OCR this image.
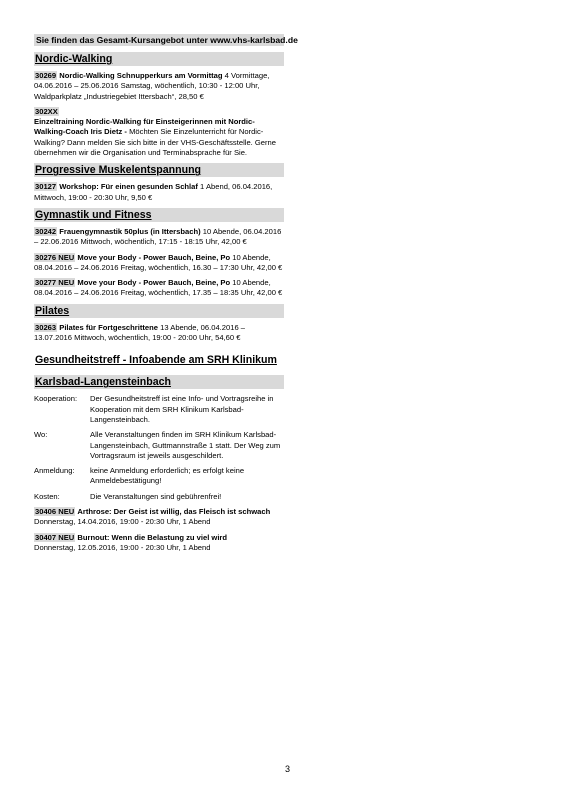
Sie finden das Gesamt-Kursangebot unter www.vhs-karlsbad.de
Nordic-Walking
30269 Nordic-Walking Schnupperkurs am Vormittag 4 Vormittage, 04.06.2016 – 25.06.2016 Samstag, wöchentlich, 10:30 - 12:00 Uhr, Waldparkplatz „Industriegebiet Ittersbach“, 28,50 €
302XX
Einzeltraining Nordic-Walking für Einsteigerinnen mit Nordic-Walking-Coach Iris Dietz - Möchten Sie Einzelunterricht für Nordic-Walking? Dann melden Sie sich bitte in der VHS-Geschäftsstelle. Gerne übernehmen wir die Organisation und Terminabsprache für Sie.
Progressive Muskelentspannung
30127 Workshop: Für einen gesunden Schlaf 1 Abend, 06.04.2016, Mittwoch, 19:00 - 20:30 Uhr, 9,50 €
Gymnastik und Fitness
30242 Frauengymnastik 50plus (in Ittersbach) 10 Abende, 06.04.2016 – 22.06.2016 Mittwoch, wöchentlich, 17:15 - 18:15 Uhr, 42,00 €
30276 NEU Move your Body - Power Bauch, Beine, Po 10 Abende, 08.04.2016 – 24.06.2016 Freitag, wöchentlich, 16.30 – 17:30 Uhr, 42,00 €
30277 NEU Move your Body - Power Bauch, Beine, Po 10 Abende, 08.04.2016 – 24.06.2016 Freitag, wöchentlich, 17.35 – 18:35 Uhr, 42,00 €
Pilates
30263 Pilates für Fortgeschrittene 13 Abende, 06.04.2016 – 13.07.2016 Mittwoch, wöchentlich, 19:00 - 20:00 Uhr, 54,60 €
Gesundheitstreff - Infoabende am SRH Klinikum
Karlsbad-Langensteinbach
Kooperation:	Der Gesundheitstreff ist eine Info- und Vortragsreihe in Kooperation mit dem SRH Klinikum Karlsbad-Langensteinbach.
Wo:	Alle Veranstaltungen finden im SRH Klinikum Karlsbad-Langensteinbach, Guttmannstraße 1 statt. Der Weg zum Vortragsraum ist jeweils ausgeschildert.
Anmeldung:	keine Anmeldung erforderlich; es erfolgt keine Anmeldebestätigung!
Kosten:	Die Veranstaltungen sind gebührenfrei!
30406 NEU Arthrose: Der Geist ist willig, das Fleisch ist schwach
Donnerstag, 14.04.2016, 19:00 - 20:30 Uhr, 1 Abend
30407 NEU Burnout: Wenn die Belastung zu viel wird
Donnerstag, 12.05.2016, 19:00 - 20:30 Uhr, 1 Abend
3
